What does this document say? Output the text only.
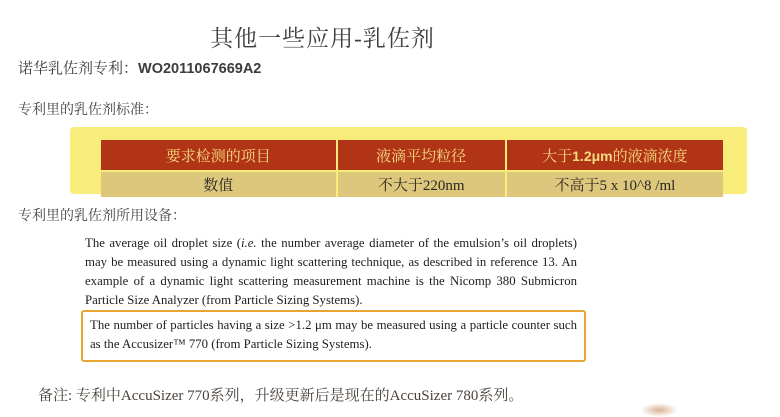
其他一些应用-乳佐剂
诺华乳佐剂专利：WO2011067669A2
专利里的乳佐剂标准：
要求检测的项目	液滴平均粒径	大于1.2μm的液滴浓度
数值	不大于220nm	不高于5 x 10^8 /ml
专利里的乳佐剂所用设备：
The average oil droplet size (i.e. the number average diameter of the emulsion’s oil droplets) may be measured using a dynamic light scattering technique, as described in reference 13. An example of a dynamic light scattering measurement machine is the Nicomp 380 Submicron Particle Size Analyzer (from Particle Sizing Systems).
The number of particles having a size >1.2 μm may be measured using a particle counter such as the Accusizer™ 770 (from Particle Sizing Systems).
备注: 专利中AccuSizer 770系列，升级更新后是现在的AccuSizer 780系列。
